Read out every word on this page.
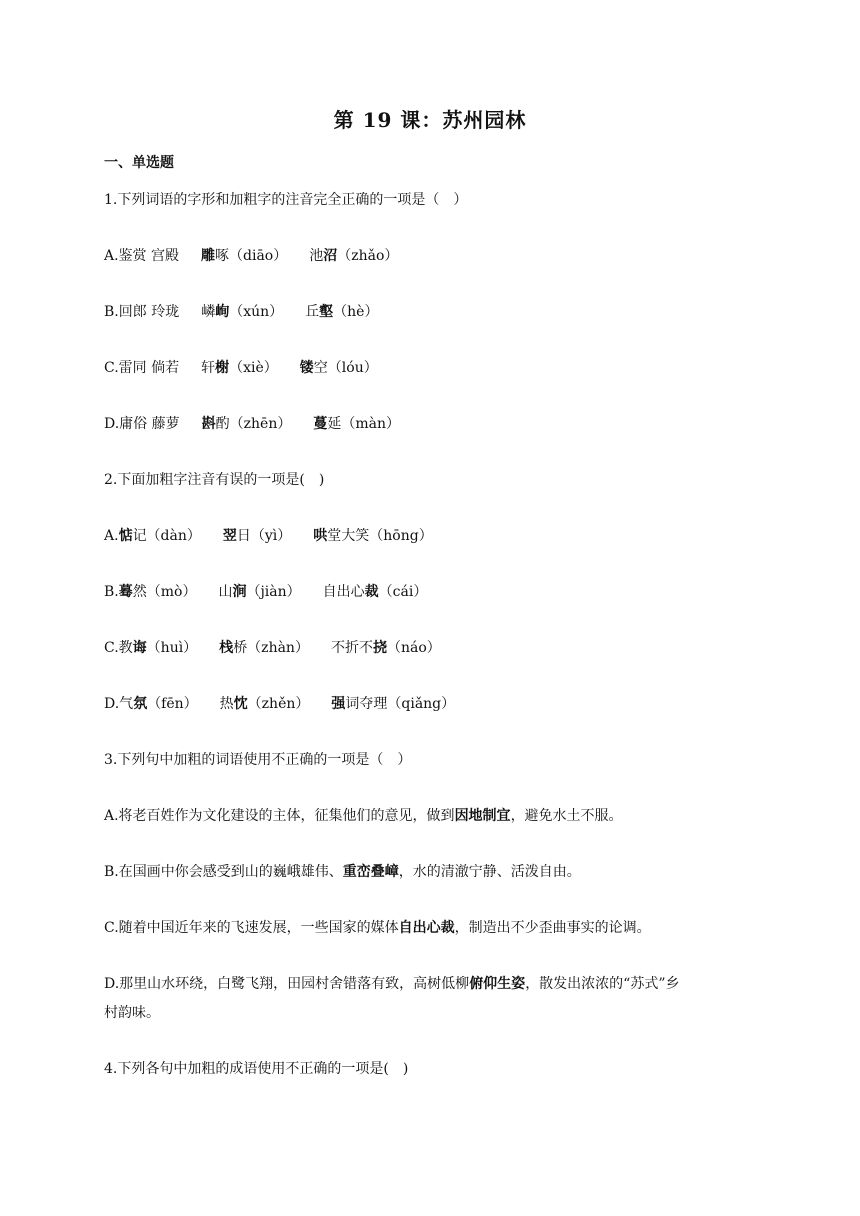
第 19 课：苏州园林
一、单选题
1.下列词语的字形和加粗字的注音完全正确的一项是（　）
A.鉴赏 宫殿 雕啄（diāo） 池沼（zhǎo）
B.回郎 玲珑 嶙峋（xún） 丘壑（hè）
C.雷同 倘若 轩榭（xiè） 镂空（lóu）
D.庸俗 藤萝 斟酌（zhēn） 蔓延（màn）
2.下面加粗字注音有误的一项是(　)
A.惦记（dàn） 翌日（yì） 哄堂大笑（hōng）
B.蓦然（mò） 山涧（jiàn） 自出心裁（cái）
C.教诲（huì） 栈桥（zhàn） 不折不挠（náo）
D.气氛（fēn） 热忱（zhěn） 强词夺理（qiǎng）
3.下列句中加粗的词语使用不正确的一项是（　）
A.将老百姓作为文化建设的主体，征集他们的意见，做到因地制宜，避免水土不服。
B.在国画中你会感受到山的巍峨雄伟、重峦叠嶂，水的清澈宁静、活泼自由。
C.随着中国近年来的飞速发展，一些国家的媒体自出心裁，制造出不少歪曲事实的论调。
D.那里山水环绕，白鹭飞翔，田园村舍错落有致，高树低柳俯仰生姿，散发出浓浓的“苏式”乡
村韵味。
4.下列各句中加粗的成语使用不正确的一项是(　)
